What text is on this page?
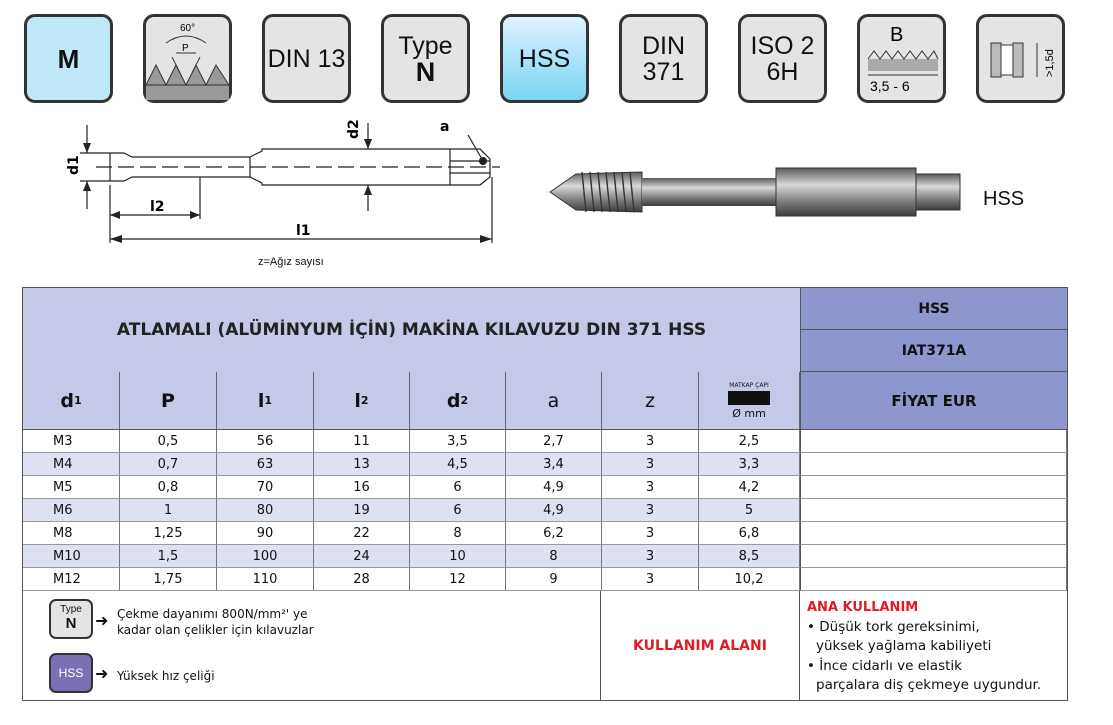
M
60°
P	DIN 13 Type
N	HSS	DIN
371
ISO 2
6H
B
3,5 - 6
>1,5d
d1
d2
l2
l1
a
z=Ağız sayısı
HSS
ATLAMALI (ALÜMİNYUM İÇİN) MAKİNA KILAVUZU DIN 371 HSS
HSS
IAT371A
d 1	P	l 1	l 2	d 2	a	z
MATKAP ÇAPI
Ø mm
FİYAT EUR
M3	0,5	56	11	3,5	2,7	3	2,5
M4	0,7	63	13	4,5	3,4	3	3,3
M5	0,8	70	16	6	4,9	3	4,2
M6	1	80	19	6	4,9	3	5
M8	1,25	90	22	8	6,2	3	6,8
M10	1,5	100	24	10	8	3	8,5
M12	1,75	110	28	12	9	3	10,2
Type
N	➜ Çekme dayanımı 800N/mm²' ye
kadar olan çelikler için kılavuzlar
HSS ➜ Yüksek hız çeliği
KULLANIM ALANI
ANA KULLANIM
• Düşük tork gereksinimi,
yüksek yağlama kabiliyeti
• İnce cidarlı ve elastik
parçalara diş çekmeye uygundur.
